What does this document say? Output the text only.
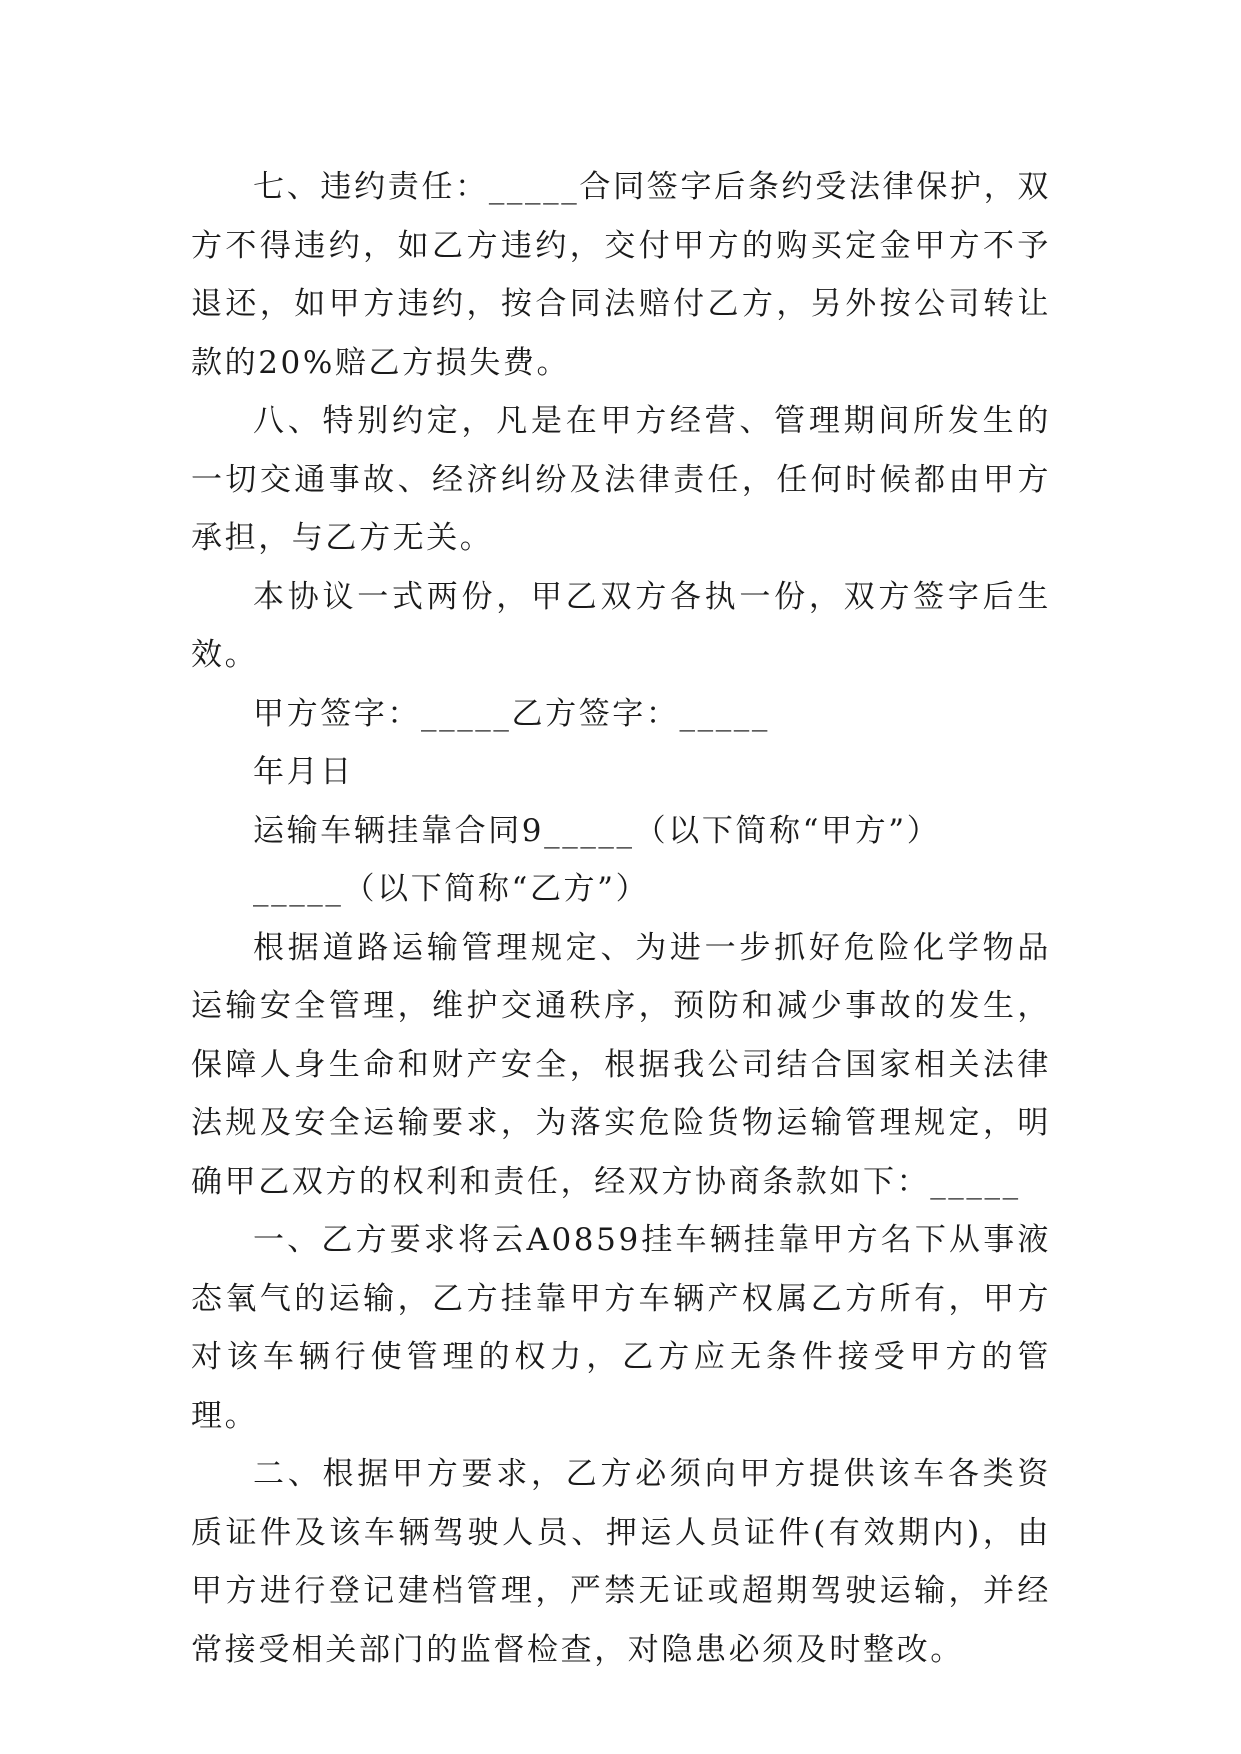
七、违约责任：_____合同签字后条约受法律保护，双方不得违约，如乙方违约，交付甲方的购买定金甲方不予退还，如甲方违约，按合同法赔付乙方，另外按公司转让款的20%赔乙方损失费。

八、特别约定，凡是在甲方经营、管理期间所发生的一切交通事故、经济纠纷及法律责任，任何时候都由甲方承担，与乙方无关。

本协议一式两份，甲乙双方各执一份，双方签字后生效。

甲方签字：_____乙方签字：_____

年月日

运输车辆挂靠合同9_____（以下简称“甲方”）

_____（以下简称“乙方”）

根据道路运输管理规定、为进一步抓好危险化学物品运输安全管理，维护交通秩序，预防和减少事故的发生，保障人身生命和财产安全，根据我公司结合国家相关法律法规及安全运输要求，为落实危险货物运输管理规定，明确甲乙双方的权利和责任，经双方协商条款如下：_____

一、乙方要求将云A0859挂车辆挂靠甲方名下从事液态氧气的运输，乙方挂靠甲方车辆产权属乙方所有，甲方对该车辆行使管理的权力，乙方应无条件接受甲方的管理。

二、根据甲方要求，乙方必须向甲方提供该车各类资质证件及该车辆驾驶人员、押运人员证件(有效期内)，由甲方进行登记建档管理，严禁无证或超期驾驶运输，并经常接受相关部门的监督检查，对隐患必须及时整改。
